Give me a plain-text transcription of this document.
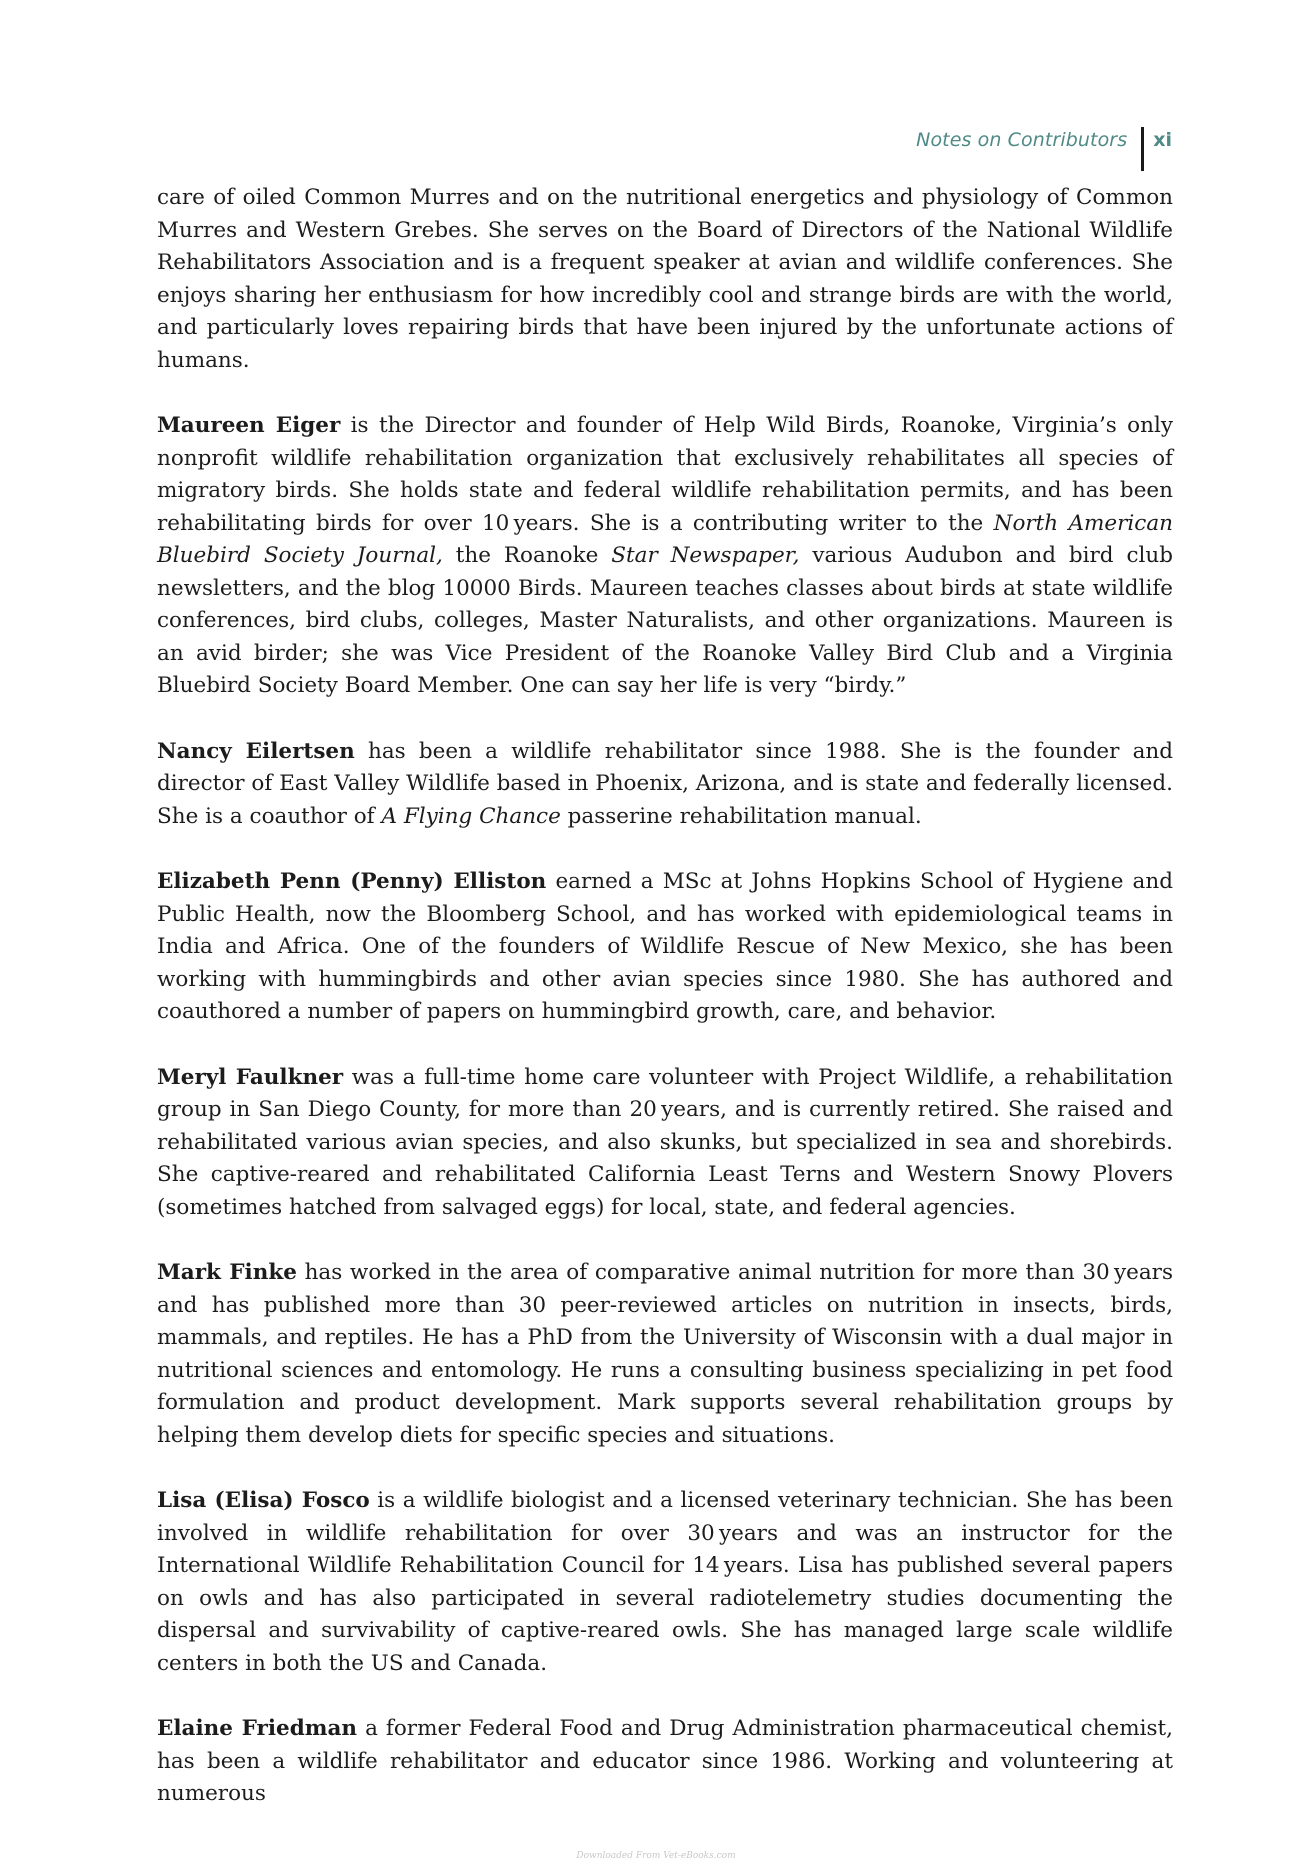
Notes on Contributors xi

care of oiled Common Murres and on the nutritional energetics and physiology of Common Murres and Western Grebes. She serves on the Board of Directors of the National Wildlife Rehabilitators Association and is a frequent speaker at avian and wildlife conferences. She enjoys sharing her enthusiasm for how incredibly cool and strange birds are with the world, and particularly loves repairing birds that have been injured by the unfortunate actions of humans.

Maureen Eiger is the Director and founder of Help Wild Birds, Roanoke, Virginia’s only nonprofit wildlife rehabilitation organization that exclusively rehabilitates all species of migratory birds. She holds state and federal wildlife rehabilitation permits, and has been rehabilitating birds for over 10 years. She is a contributing writer to the North American Bluebird Society Journal, the Roanoke Star Newspaper, various Audubon and bird club newsletters, and the blog 10000 Birds. Maureen teaches classes about birds at state wildlife conferences, bird clubs, colleges, Master Naturalists, and other organizations. Maureen is an avid birder; she was Vice President of the Roanoke Valley Bird Club and a Virginia Bluebird Society Board Member. One can say her life is very “birdy.”

Nancy Eilertsen has been a wildlife rehabilitator since 1988. She is the founder and director of East Valley Wildlife based in Phoenix, Arizona, and is state and federally licensed. She is a coauthor of A Flying Chance passerine rehabilitation manual.

Elizabeth Penn (Penny) Elliston earned a MSc at Johns Hopkins School of Hygiene and Public Health, now the Bloomberg School, and has worked with epidemiological teams in India and Africa. One of the founders of Wildlife Rescue of New Mexico, she has been working with hummingbirds and other avian species since 1980. She has authored and coauthored a number of papers on hummingbird growth, care, and behavior.

Meryl Faulkner was a full-time home care volunteer with Project Wildlife, a rehabilitation group in San Diego County, for more than 20 years, and is currently retired. She raised and rehabilitated various avian species, and also skunks, but specialized in sea and shorebirds. She captive-reared and rehabilitated California Least Terns and Western Snowy Plovers (sometimes hatched from salvaged eggs) for local, state, and federal agencies.

Mark Finke has worked in the area of comparative animal nutrition for more than 30 years and has published more than 30 peer-reviewed articles on nutrition in insects, birds, mammals, and reptiles. He has a PhD from the University of Wisconsin with a dual major in nutritional sciences and entomology. He runs a consulting business specializing in pet food formulation and product development. Mark supports several rehabilitation groups by helping them develop diets for specific species and situations.

Lisa (Elisa) Fosco is a wildlife biologist and a licensed veterinary technician. She has been involved in wildlife rehabilitation for over 30 years and was an instructor for the International Wildlife Rehabilitation Council for 14 years. Lisa has published several papers on owls and has also participated in several radiotelemetry studies documenting the dispersal and survivability of captive-reared owls. She has managed large scale wildlife centers in both the US and Canada.

Elaine Friedman a former Federal Food and Drug Administration pharmaceutical chemist, has been a wildlife rehabilitator and educator since 1986. Working and volunteering at numerous

Downloaded From Vet-eBooks.com
